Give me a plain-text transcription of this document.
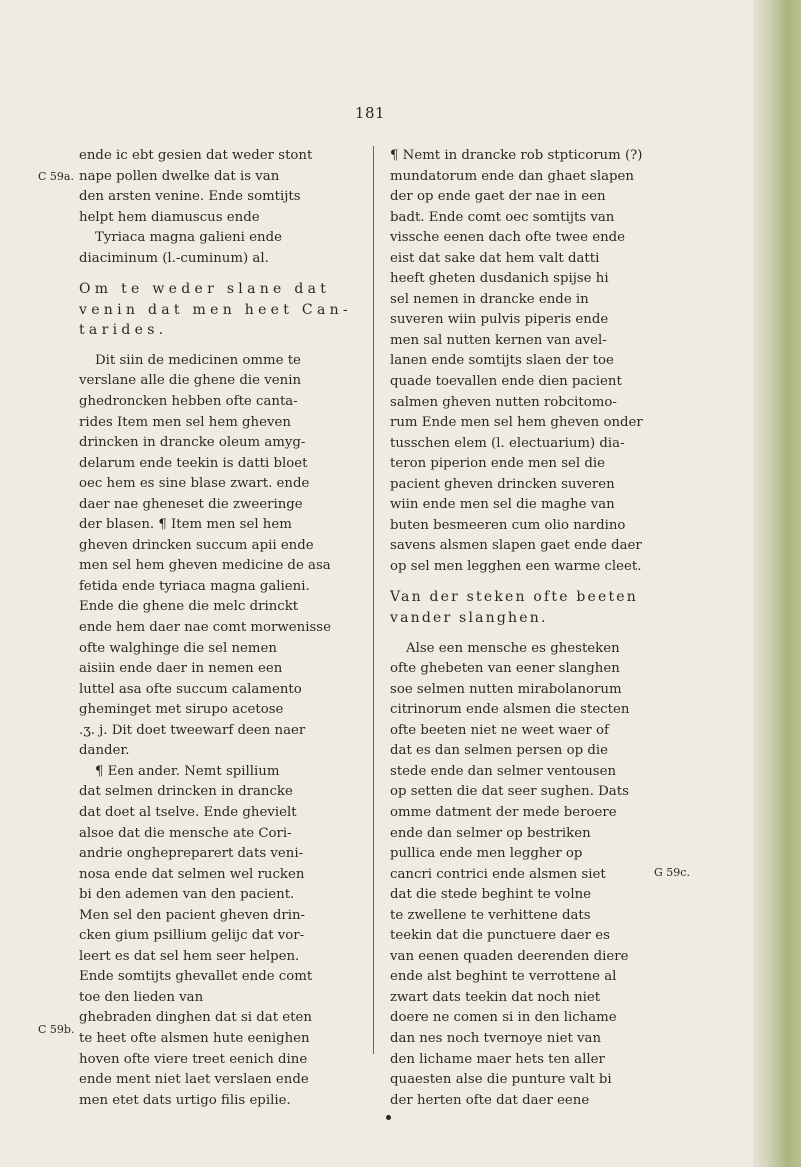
181
ende ic ebt gesien dat weder stont
nape pollen dwelke dat is van
den arsten venine. Ende somtijts
helpt hem diamuscus ende
Tyriaca magna galieni ende
diaciminum (l.-cuminum) al.
Om te weder slane dat
venin dat men heet Can-
tarides.
Dit siin de medicinen omme te
verslane alle die ghene die venin
ghedroncken hebben ofte canta-
rides Item men sel hem gheven
drincken in drancke oleum amyg-
delarum ende teekin is datti bloet
oec hem es sine blase zwart. ende
daer nae gheneset die zweeringe
der blasen. ¶ Item men sel hem
gheven drincken succum apii ende
men sel hem gheven medicine de asa
fetida ende tyriaca magna galieni.
Ende die ghene die melc drinckt
ende hem daer nae comt morwenisse
ofte walghinge die sel nemen
aisiin ende daer in nemen een
luttel asa ofte succum calamento
gheminget met sirupo acetose
.ʒ. j. Dit doet tweewarf deen naer
dander.
¶ Een ander. Nemt spillium
dat selmen drincken in drancke
dat doet al tselve. Ende ghevielt
alsoe dat die mensche ate Cori-
andrie onghepreparert dats veni-
nosa ende dat selmen wel rucken
bi den ademen van den pacient.
Men sel den pacient gheven drin-
cken gium psillium gelijc dat vor-
leert es dat sel hem seer helpen.
Ende somtijts ghevallet ende comt
toe den lieden van
ghebraden dinghen dat si dat eten
te heet ofte alsmen hute eenighen
hoven ofte viere treet eenich dine
ende ment niet laet verslaen ende
men etet dats urtigo filis epilie.
¶ Nemt in drancke rob stpticorum (?)
mundatorum ende dan ghaet slapen
der op ende gaet der nae in een
badt. Ende comt oec somtijts van
vissche eenen dach ofte twee ende
eist dat sake dat hem valt datti
heeft gheten dusdanich spijse hi
sel nemen in drancke ende in
suveren wiin pulvis piperis ende
men sal nutten kernen van avel-
lanen ende somtijts slaen der toe
quade toevallen ende dien pacient
salmen gheven nutten robcitomo-
rum Ende men sel hem gheven onder
tusschen elem (l. electuarium) dia-
teron piperion ende men sel die
pacient gheven drincken suveren
wiin ende men sel die maghe van
buten besmeeren cum olio nardino
savens alsmen slapen gaet ende daer
op sel men legghen een warme cleet.
Van der steken ofte beeten
vander slanghen.
Alse een mensche es ghesteken
ofte ghebeten van eener slanghen
soe selmen nutten mirabolanorum
citrinorum ende alsmen die stecten
ofte beeten niet ne weet waer of
dat es dan selmen persen op die
stede ende dan selmer ventousen
op setten die dat seer sughen. Dats
omme datment der mede beroere
ende dan selmer op bestriken
pullica ende men leggher op
cancri contrici ende alsmen siet
dat die stede beghint te volne
te zwellene te verhittene dats
teekin dat die punctuere daer es
van eenen quaden deerenden diere
ende alst beghint te verrottene al
zwart dats teekin dat noch niet
doere ne comen si in den lichame
dan nes noch tvernoye niet van
den lichame maer hets ten aller
quaesten alse die punture valt bi
der herten ofte dat daer eene
C 59a.
C 59b.
G 59c.
